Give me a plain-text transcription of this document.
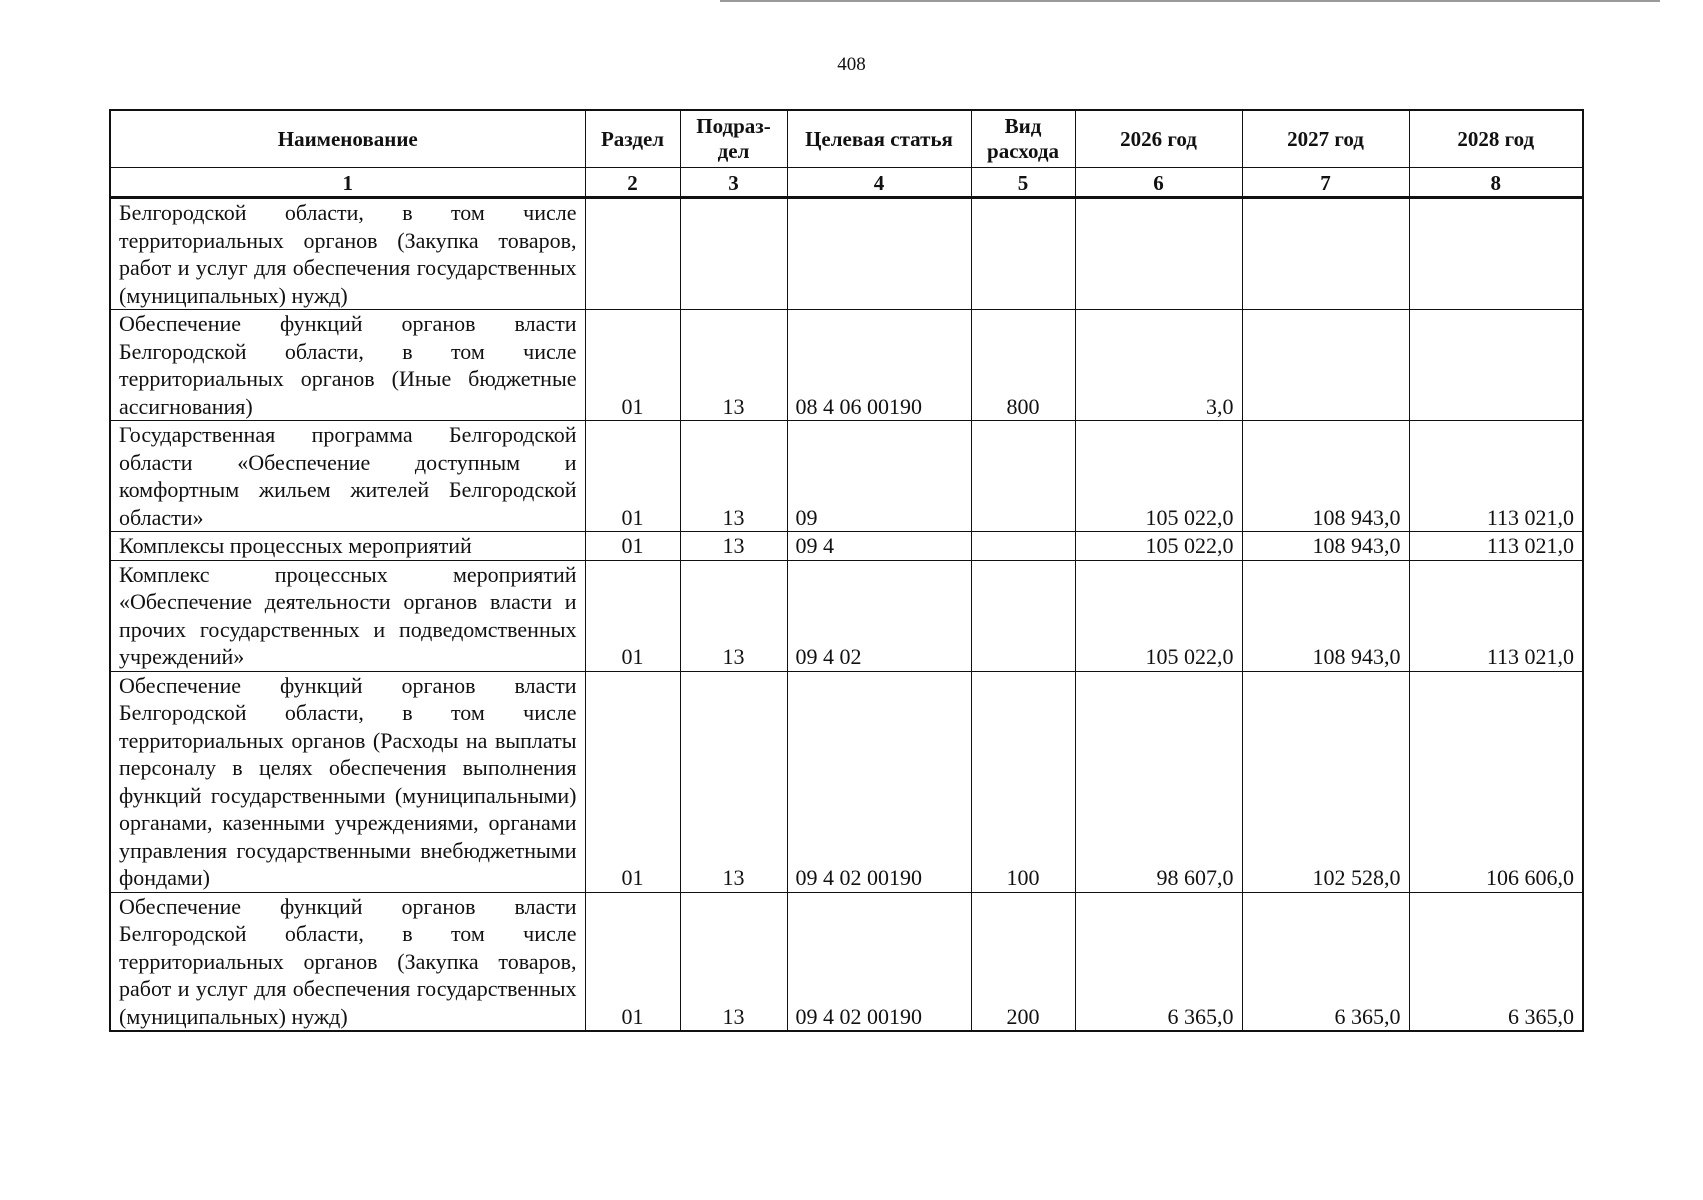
408
Наименование	Раздел	Подраз-дел	Целевая статья	Вид расхода	2026 год	2027 год	2028 год
1	2	3	4	5	6	7	8
Белгородской области, в том числе территориальных органов (Закупка товаров, работ и услуг для обеспечения государственных (муниципальных) нужд)							
Обеспечение функций органов власти Белгородской области, в том числе территориальных органов (Иные бюджетные ассигнования)	01	13	08 4 06 00190	800	3,0		
Государственная программа Белгородской области «Обеспечение доступным и комфортным жильем жителей Белгородской области»	01	13	09		105 022,0	108 943,0	113 021,0
Комплексы процессных мероприятий	01	13	09 4		105 022,0	108 943,0	113 021,0
Комплекс процессных мероприятий «Обеспечение деятельности органов власти и прочих государственных и подведомственных учреждений»	01	13	09 4 02		105 022,0	108 943,0	113 021,0
Обеспечение функций органов власти Белгородской области, в том числе территориальных органов (Расходы на выплаты персоналу в целях обеспечения выполнения функций государственными (муниципальными) органами, казенными учреждениями, органами управления государственными внебюджетными фондами)	01	13	09 4 02 00190	100	98 607,0	102 528,0	106 606,0
Обеспечение функций органов власти Белгородской области, в том числе территориальных органов (Закупка товаров, работ и услуг для обеспечения государственных (муниципальных) нужд)	01	13	09 4 02 00190	200	6 365,0	6 365,0	6 365,0
